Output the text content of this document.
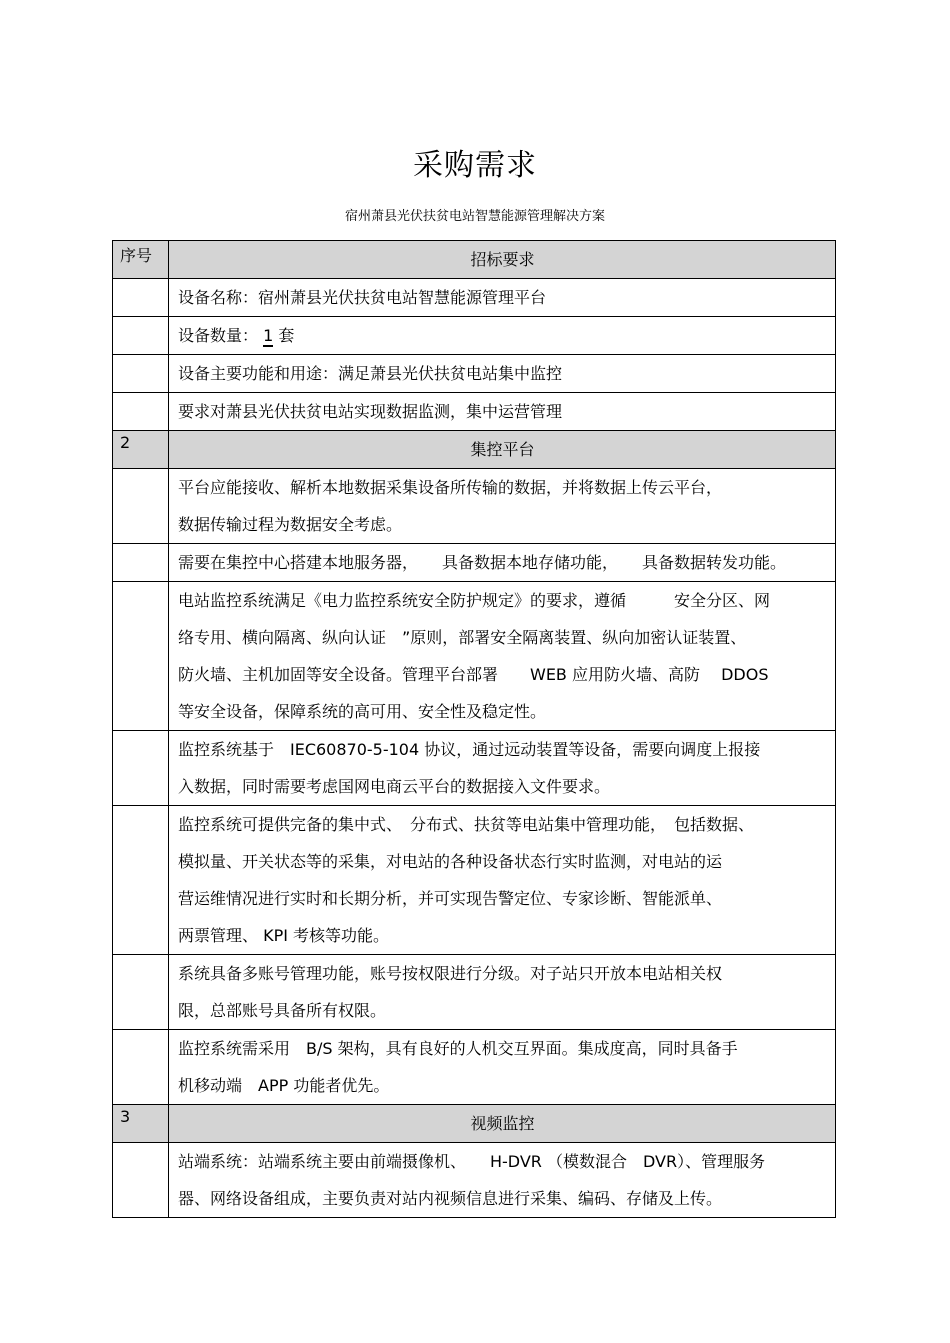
采购需求
宿州萧县光伏扶贫电站智慧能源管理解决方案
序号	招标要求

	设备名称：宿州萧县光伏扶贫电站智慧能源管理平台

	设备数量： 1 套

	设备主要功能和用途：满足萧县光伏扶贫电站集中监控

	要求对萧县光伏扶贫电站实现数据监测，集中运营管理

2	集控平台

	平台应能接收、解析本地数据采集设备所传输的数据，并将数据上传云平台，
数据传输过程为数据安全考虑。

	需要在集控中心搭建本地服务器，　　具备数据本地存储功能，　　具备数据转发功能。

	电站监控系统满足《电力监控系统安全防护规定》的要求，遵循　　　安全分区、网
络专用、横向隔离、纵向认证　”原则，部署安全隔离装置、纵向加密认证装置、
防火墙、主机加固等安全设备。管理平台部署　　WEB 应用防火墙、高防　 DDOS
等安全设备，保障系统的高可用、安全性及稳定性。

	监控系统基于　IEC60870-5-104 协议，通过远动装置等设备，需要向调度上报接
入数据，同时需要考虑国网电商云平台的数据接入文件要求。

	监控系统可提供完备的集中式、　分布式、扶贫等电站集中管理功能，　包括数据、
模拟量、开关状态等的采集，对电站的各种设备状态行实时监测，对电站的运
营运维情况进行实时和长期分析，并可实现告警定位、专家诊断、智能派单、
两票管理、 KPI 考核等功能。

	系统具备多账号管理功能，账号按权限进行分级。对子站只开放本电站相关权
限，总部账号具备所有权限。

	监控系统需采用　B/S 架构，具有良好的人机交互界面。集成度高，同时具备手
机移动端　APP 功能者优先。

3	视频监控

	站端系统：站端系统主要由前端摄像机、　　H-DVR （模数混合　DVR）、管理服务
器、网络设备组成，主要负责对站内视频信息进行采集、编码、存储及上传。
